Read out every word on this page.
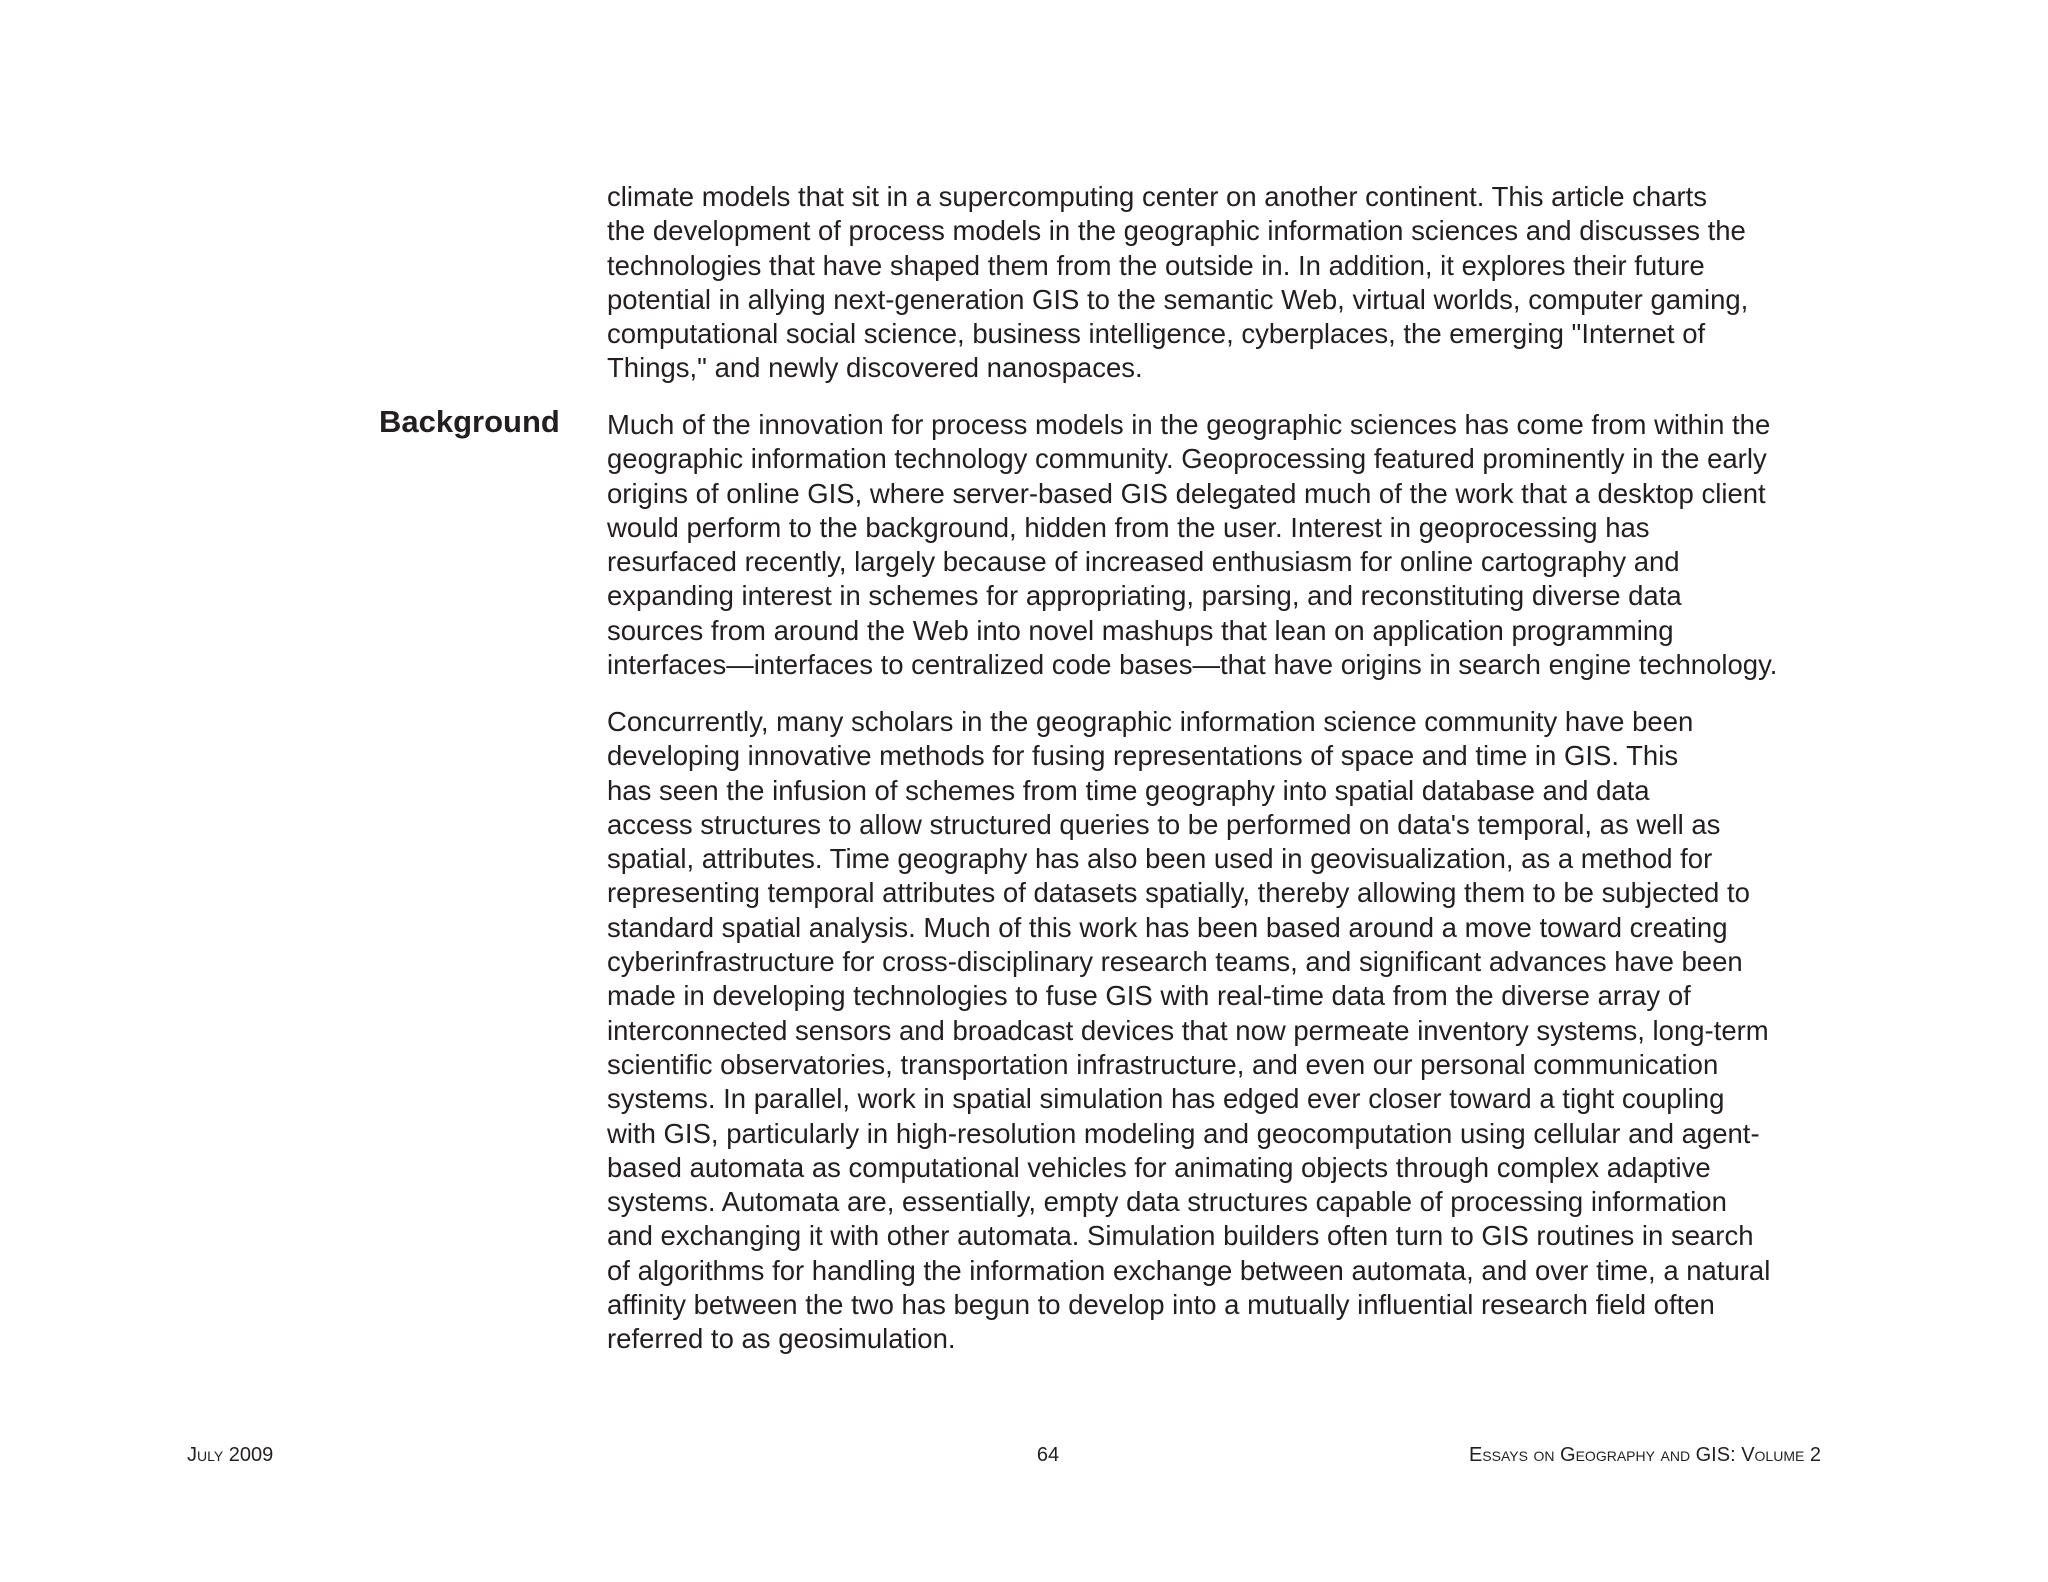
climate models that sit in a supercomputing center on another continent. This article charts
the development of process models in the geographic information sciences and discusses the
technologies that have shaped them from the outside in. In addition, it explores their future
potential in allying next-generation GIS to the semantic Web, virtual worlds, computer gaming,
computational social science, business intelligence, cyberplaces, the emerging "Internet of
Things," and newly discovered nanospaces.
Background Much of the innovation for process models in the geographic sciences has come from within the
geographic information technology community. Geoprocessing featured prominently in the early
origins of online GIS, where server-based GIS delegated much of the work that a desktop client
would perform to the background, hidden from the user. Interest in geoprocessing has
resurfaced recently, largely because of increased enthusiasm for online cartography and
expanding interest in schemes for appropriating, parsing, and reconstituting diverse data
sources from around the Web into novel mashups that lean on application programming
interfaces—interfaces to centralized code bases—that have origins in search engine technology.
Concurrently, many scholars in the geographic information science community have been
developing innovative methods for fusing representations of space and time in GIS. This
has seen the infusion of schemes from time geography into spatial database and data
access structures to allow structured queries to be performed on data's temporal, as well as
spatial, attributes. Time geography has also been used in geovisualization, as a method for
representing temporal attributes of datasets spatially, thereby allowing them to be subjected to
standard spatial analysis. Much of this work has been based around a move toward creating
cyberinfrastructure for cross-disciplinary research teams, and significant advances have been
made in developing technologies to fuse GIS with real-time data from the diverse array of
interconnected sensors and broadcast devices that now permeate inventory systems, long-term
scientific observatories, transportation infrastructure, and even our personal communication
systems. In parallel, work in spatial simulation has edged ever closer toward a tight coupling
with GIS, particularly in high-resolution modeling and geocomputation using cellular and agent-
based automata as computational vehicles for animating objects through complex adaptive
systems. Automata are, essentially, empty data structures capable of processing information
and exchanging it with other automata. Simulation builders often turn to GIS routines in search
of algorithms for handling the information exchange between automata, and over time, a natural
affinity between the two has begun to develop into a mutually influential research field often
referred to as geosimulation.
July 2009	64	Essays on Geography and GIS: Volume 2
